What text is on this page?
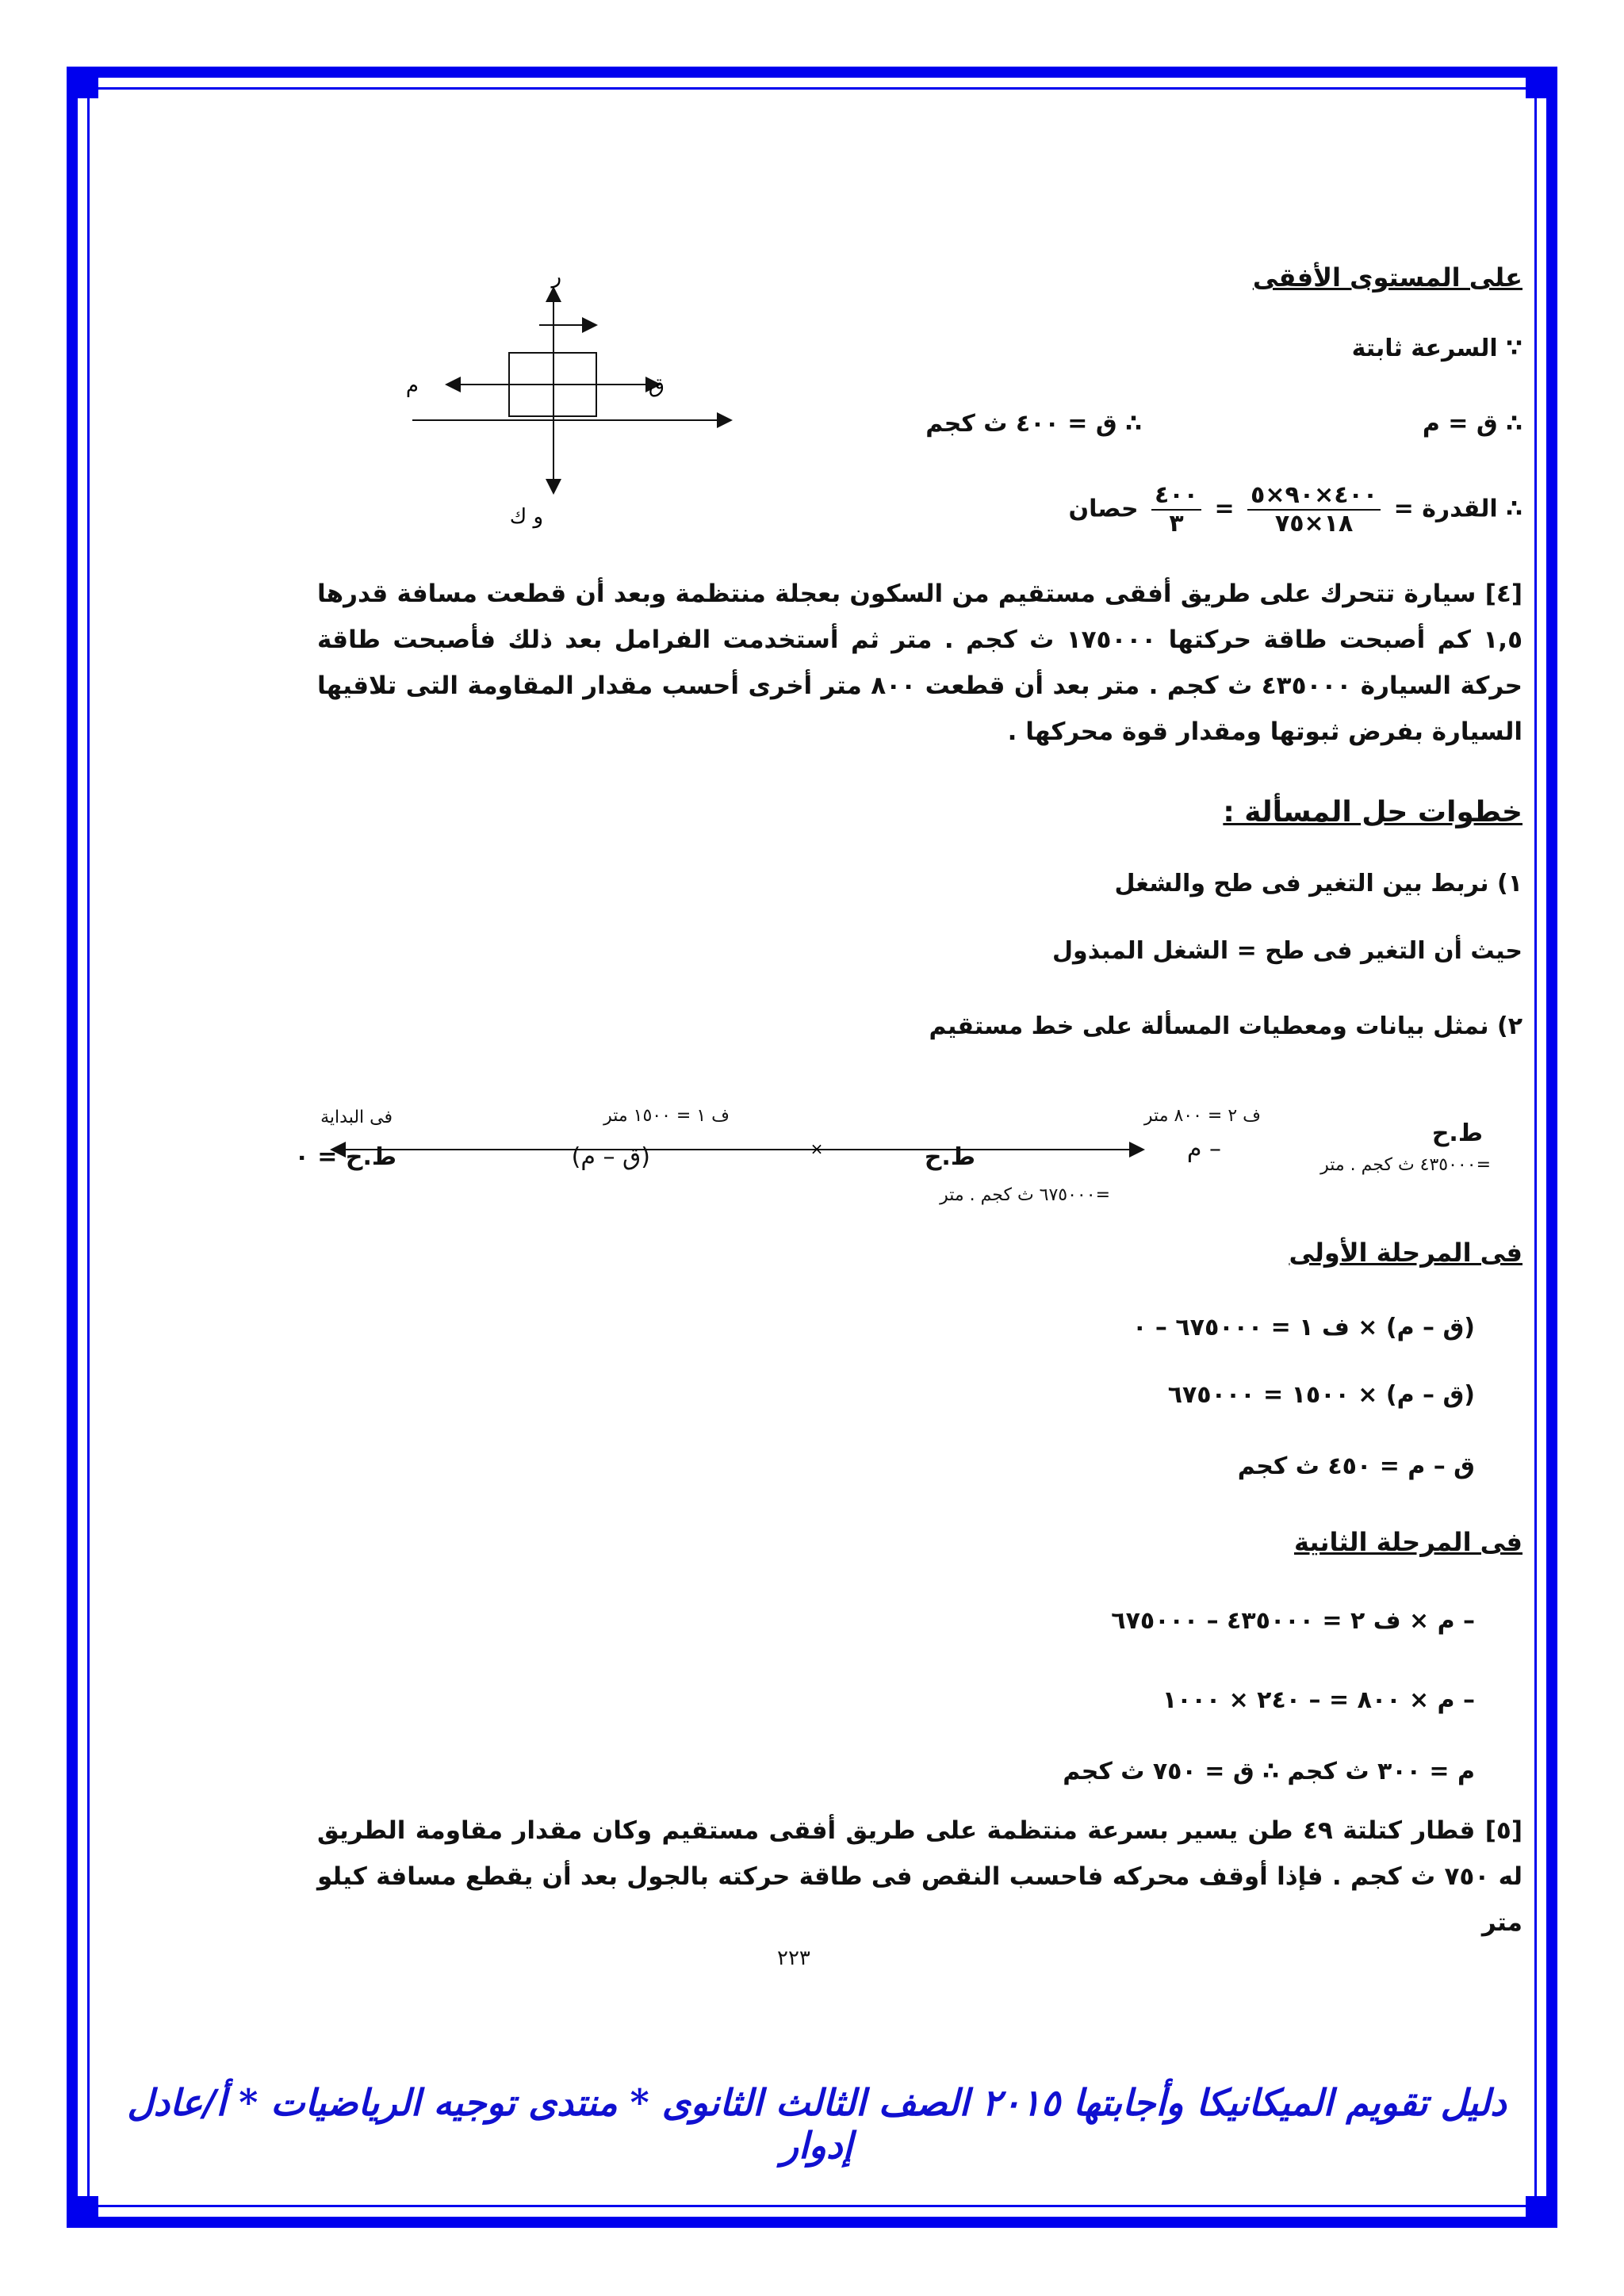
على المستوى الأفقى
∵ السرعة ثابتة
∴ ق = م
∴ ق = ٤٠٠ ث كجم
∴ القدرة =
$\frac{٤٠٠\times ٩٠\times ٥}{١٨\times ٧٥}$
=
$\frac{٤٠٠}{٣}$
حصان
ر
و ك
م	ق
[٤] سيارة تتحرك على طريق أفقى مستقيم من السكون بعجلة منتظمة وبعد أن قطعت مسافة قدرها ١,٥ كم أصبحت طاقة حركتها ١٧٥٠٠٠ ث كجم . متر ثم أستخدمت الفرامل بعد ذلك فأصبحت طاقة حركة السيارة ٤٣٥٠٠٠ ث كجم . متر بعد أن قطعت ٨٠٠ متر أخرى أحسب مقدار المقاومة التى تلاقيها السيارة بفرض ثبوتها ومقدار قوة محركها .
خطوات حل المسألة :
١) نربط بين التغير فى طح والشغل
حيث أن التغير فى طح = الشغل المبذول
٢) نمثل بيانات ومعطيات المسألة على خط مستقيم
×
فى البداية
ط.ح = ٠
ف ١ = ١٥٠٠ متر
(ق – م)	ط.ح
=٦٧٥٠٠٠ ث كجم . متر
ف ٢ = ٨٠٠ متر
– م
ط.ح
=٤٣٥٠٠٠ ث كجم . متر
فى المرحلة الأولى
(ق – م) × ف ١ = ٦٧٥٠٠٠ – ٠
(ق – م) × ١٥٠٠ = ٦٧٥٠٠٠
ق – م = ٤٥٠ ث كجم
فى المرحلة الثانية
– م × ف ٢ = ٤٣٥٠٠٠ – ٦٧٥٠٠٠
– م × ٨٠٠ = – ٢٤٠ × ١٠٠٠
م = ٣٠٠ ث كجم ∴ ق = ٧٥٠ ث كجم
[٥] قطار كتلتة ٤٩ طن يسير بسرعة منتظمة على طريق أفقى مستقيم وكان مقدار مقاومة الطريق له ٧٥٠ ث كجم . فإذا أوقف محركه فاحسب النقص فى طاقة حركته بالجول بعد أن يقطع مسافة كيلو متر
٢٢٣
دليل تقويم الميكانيكا وأجابتها ٢٠١٥ الصف الثالث الثانوى * منتدى توجيه الرياضيات * أ/عادل إدوار
